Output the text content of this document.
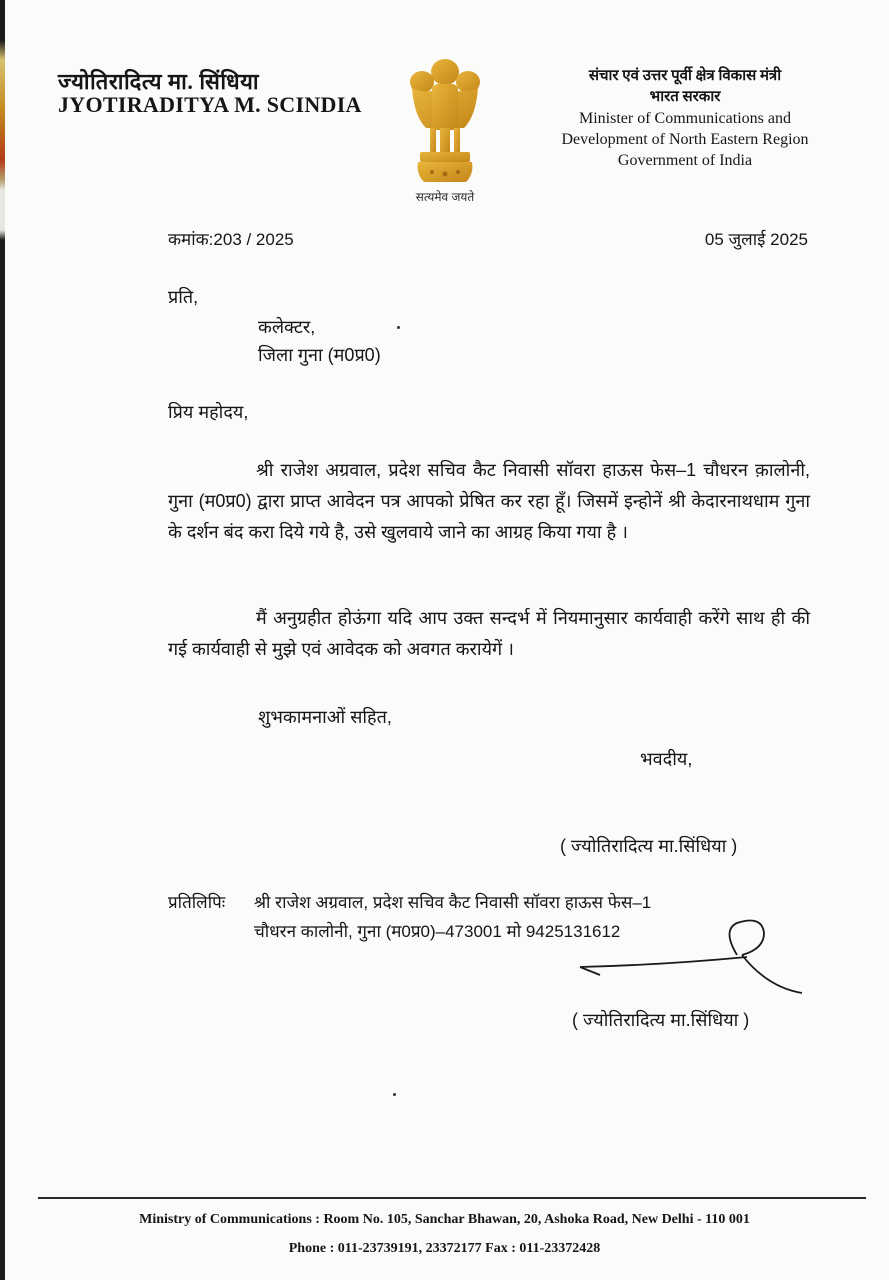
ज्योतिरादित्य मा. सिंधिया
JYOTIRADITYA M. SCINDIA
सत्यमेव जयते
संचार एवं उत्तर पूर्वी क्षेत्र विकास मंत्री
भारत सरकार
Minister of Communications and
Development of North Eastern Region
Government of India
कमांक:203 / 2025	05 जुलाई 2025
प्रति,
कलेक्टर,
जिला गुना (म0प्र0)
प्रिय महोदय,
श्री राजेश अग्रवाल, प्रदेश सचिव कैट निवासी सॉवरा हाऊस फेस–1 चौधरन क़ालोनी, गुना (म0प्र0) द्वारा प्राप्त आवेदन पत्र आपको प्रेषित कर रहा हूँ। जिसमें इन्होनें श्री केदारनाथधाम गुना के दर्शन बंद करा दिये गये है, उसे खुलवाये जाने का आग्रह किया गया है ।
मैं अनुग्रहीत होऊंगा यदि आप उक्त सन्दर्भ में नियमानुसार कार्यवाही करेंगे साथ ही की गई कार्यवाही से मुझे एवं आवेदक को अवगत करायेगें ।
शुभकामनाओं सहित,
भवदीय,
( ज्योतिरादित्य मा.सिंधिया )
प्रतिलिपिः श्री राजेश अग्रवाल, प्रदेश सचिव कैट निवासी सॉवरा हाऊस फेस–1
चौधरन कालोनी, गुना (म0प्र0)–473001 मो 9425131612
( ज्योतिरादित्य मा.सिंधिया )
Ministry of Communications : Room No. 105, Sanchar Bhawan, 20, Ashoka Road, New Delhi - 110 001
Phone : 011-23739191, 23372177 Fax : 011-23372428
